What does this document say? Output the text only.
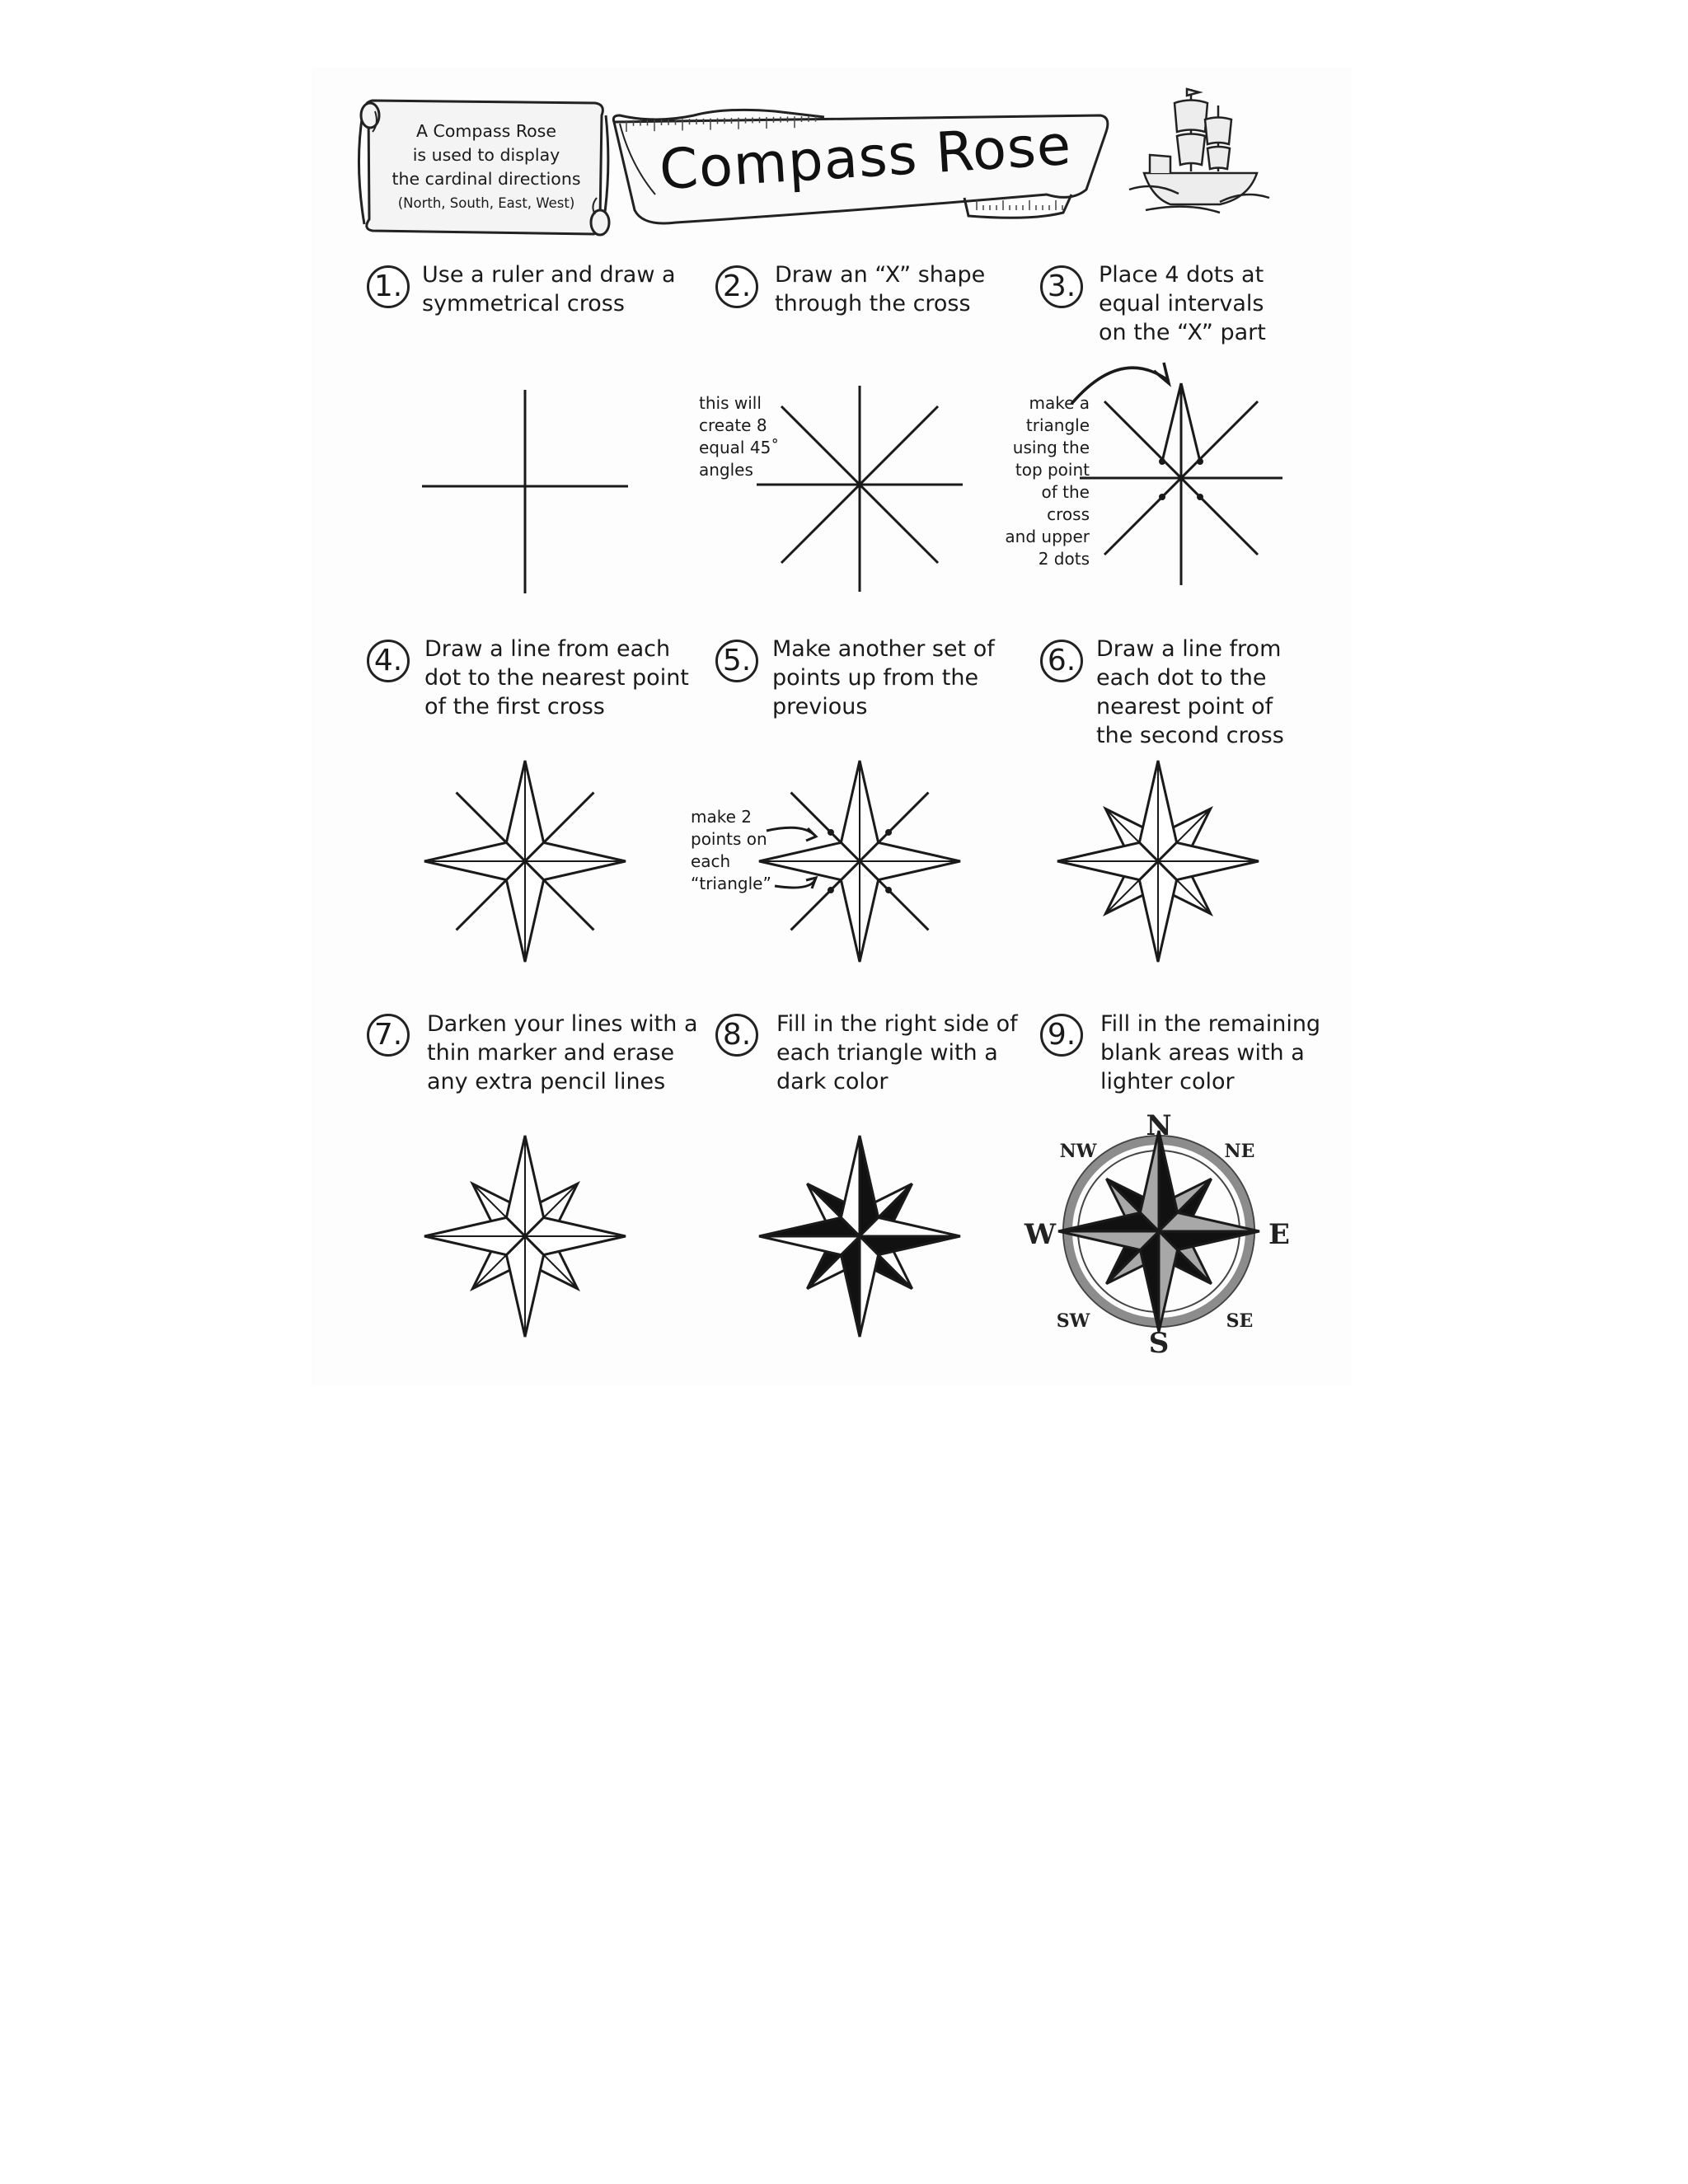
A Compass Rose
is used to display
the cardinal directions
(North, South, East, West)
Compass Rose
1.	2.	3.
4.	5.	6.
7.	8.	9.
Use a ruler and draw a
symmetrical cross
Draw an “X” shape
through the cross
Place 4 dots at
equal intervals
on the “X” part
Draw a line from each
dot to the nearest point
of the first cross
Make another set of
points up from the
previous
Draw a line from
each dot to the
nearest point of
the second cross
Darken your lines with a
thin marker and erase
any extra pencil lines
Fill in the right side of
each triangle with a
dark color
Fill in the remaining
blank areas with a
lighter color
this will
create 8
equal 45˚
angles
make a
triangle
using the
top point
of the
cross
and upper
2 dots
make 2
points on
each
“triangle”
N
S
E
W
NW	NE
SW	SE
